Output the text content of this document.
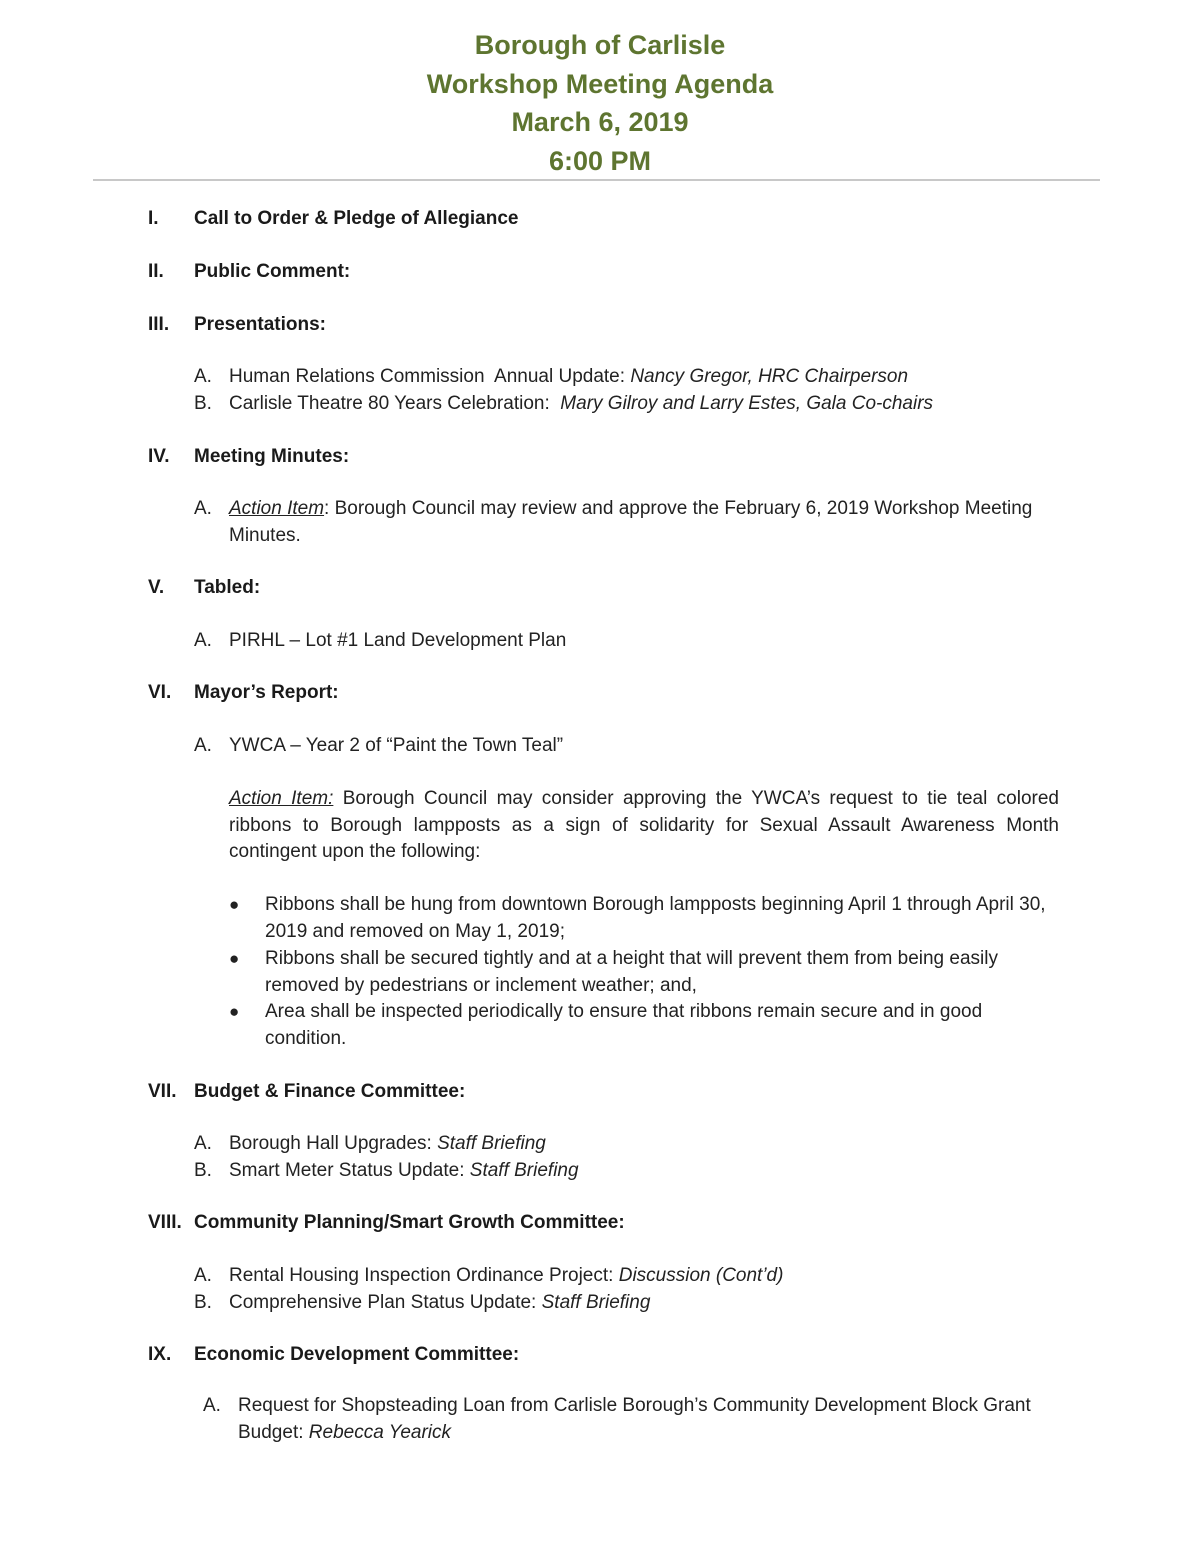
Borough of Carlisle
Workshop Meeting Agenda
March 6, 2019
6:00 PM
I.	Call to Order & Pledge of Allegiance
II.	Public Comment:
III.	Presentations:
A. Human Relations Commission  Annual Update: Nancy Gregor, HRC Chairperson
B. Carlisle Theatre 80 Years Celebration:  Mary Gilroy and Larry Estes, Gala Co-chairs
IV.	Meeting Minutes:
A. Action Item: Borough Council may review and approve the February 6, 2019 Workshop Meeting
Minutes.
V.	Tabled:
A. PIRHL – Lot #1 Land Development Plan
VI.	Mayor’s Report:
A. YWCA – Year 2 of “Paint the Town Teal”
Action Item: Borough Council may consider approving the YWCA’s request to tie teal colored ribbons to Borough lampposts as a sign of solidarity for Sexual Assault Awareness Month contingent upon the following:
● Ribbons shall be hung from downtown Borough lampposts beginning April 1 through April 30, 2019 and removed on May 1, 2019;
● Ribbons shall be secured tightly and at a height that will prevent them from being easily removed by pedestrians or inclement weather; and,
● Area shall be inspected periodically to ensure that ribbons remain secure and in good condition.
VII. Budget & Finance Committee:
A. Borough Hall Upgrades: Staff Briefing
B. Smart Meter Status Update: Staff Briefing
VIII. Community Planning/Smart Growth Committee:
A. Rental Housing Inspection Ordinance Project: Discussion (Cont’d)
B. Comprehensive Plan Status Update: Staff Briefing
IX.	Economic Development Committee:
A. Request for Shopsteading Loan from Carlisle Borough’s Community Development Block Grant
Budget: Rebecca Yearick
